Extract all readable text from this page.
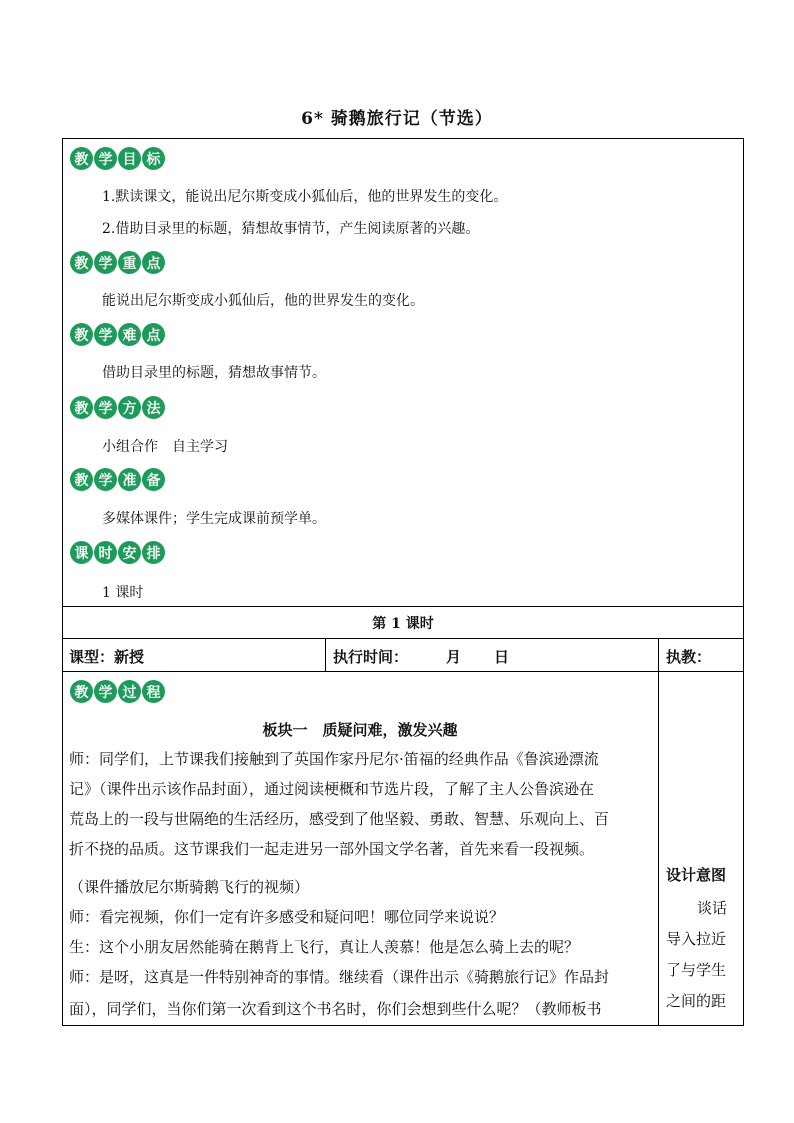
6* 骑鹅旅行记（节选）
教 学 目 标
1.默读课文，能说出尼尔斯变成小狐仙后，他的世界发生的变化。
2.借助目录里的标题，猜想故事情节，产生阅读原著的兴趣。
教 学 重 点
能说出尼尔斯变成小狐仙后，他的世界发生的变化。
教 学 难 点
借助目录里的标题，猜想故事情节。
教 学 方 法
小组合作　自主学习
教 学 准 备
多媒体课件；学生完成课前预学单。
课 时 安 排
1 课时
第 1 课时
课型：新授	执行时间：	月 日	执教：
教 学 过 程
板块一　质疑问难，激发兴趣
师：同学们，上节课我们接触到了英国作家丹尼尔·笛福的经典作品《鲁滨逊漂流
记》（课件出示该作品封面），通过阅读梗概和节选片段，了解了主人公鲁滨逊在
荒岛上的一段与世隔绝的生活经历，感受到了他坚毅、勇敢、智慧、乐观向上、百
折不挠的品质。这节课我们一起走进另一部外国文学名著，首先来看一段视频。
（课件播放尼尔斯骑鹅飞行的视频）
师：看完视频，你们一定有许多感受和疑问吧！哪位同学来说说？
生：这个小朋友居然能骑在鹅背上飞行，真让人羡慕！他是怎么骑上去的呢？
师：是呀，这真是一件特别神奇的事情。继续看（课件出示《骑鹅旅行记》作品封
面），同学们，当你们第一次看到这个书名时，你们会想到些什么呢？（教师板书
设计意图
谈话
导入拉近
了与学生
之间的距
